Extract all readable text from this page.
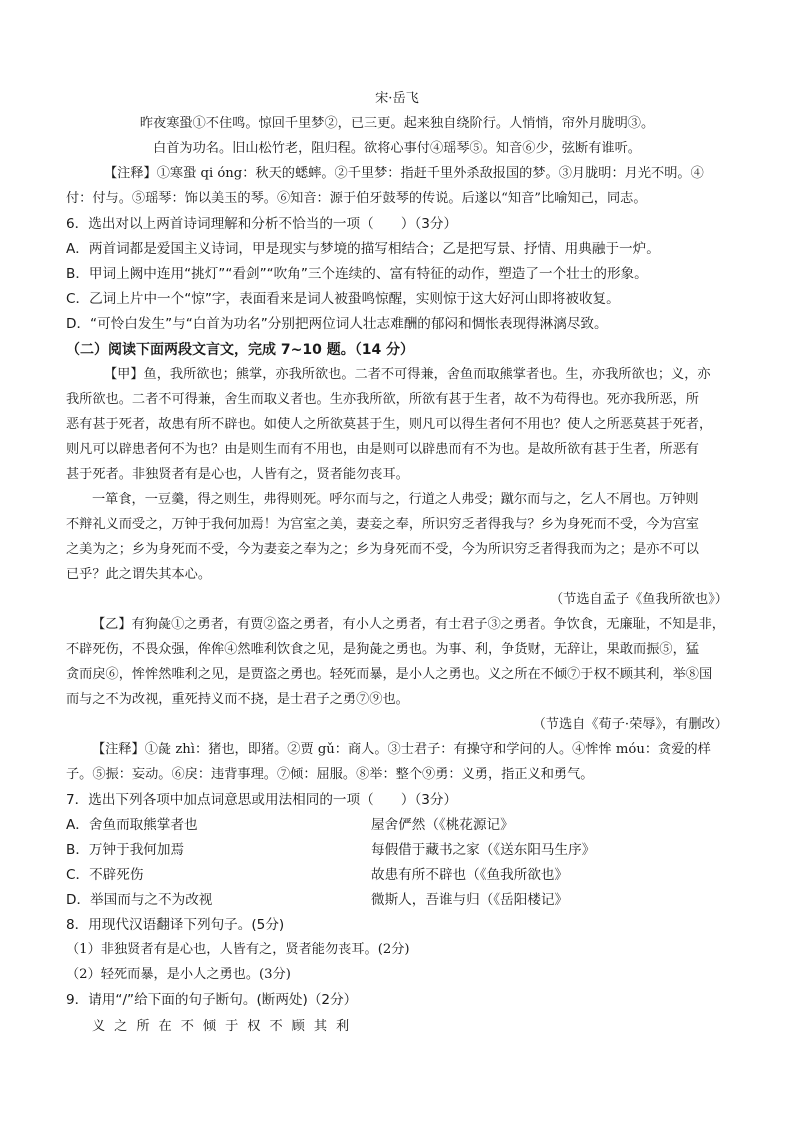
宋·岳飞
昨夜寒蛩①不住鸣。惊回千里梦②，已三更。起来独自绕阶行。人悄悄，帘外月胧明③。
白首为功名。旧山松竹老，阻归程。欲将心事付④瑶琴⑤。知音⑥少，弦断有谁听。
【注释】①寒蛩 qi óng：秋天的蟋蟀。②千里梦：指赶千里外杀敌报国的梦。③月胧明：月光不明。④
付：付与。⑤瑶琴：饰以美玉的琴。⑥知音：源于伯牙鼓琴的传说。后遂以“知音”比喻知己，同志。
6．选出对以上两首诗词理解和分析不恰当的一项（　　）（3分）
A．两首词都是爱国主义诗词，甲是现实与梦境的描写相结合；乙是把写景、抒情、用典融于一炉。
B．甲词上阙中连用“挑灯”“看剑”“吹角”三个连续的、富有特征的动作，塑造了一个壮士的形象。
C．乙词上片中一个“惊”字，表面看来是词人被蛩鸣惊醒，实则惊于这大好河山即将被收复。
D．“可怜白发生”与“白首为功名”分别把两位词人壮志难酬的郁闷和惆怅表现得淋漓尽致。
（二）阅读下面两段文言文，完成 7~10 题。（14 分）
【甲】鱼，我所欲也；熊掌，亦我所欲也。二者不可得兼，舍鱼而取熊掌者也。生，亦我所欲也；义，亦
我所欲也。二者不可得兼，舍生而取义者也。生亦我所欲，所欲有甚于生者，故不为苟得也。死亦我所恶，所
恶有甚于死者，故患有所不辟也。如使人之所欲莫甚于生，则凡可以得生者何不用也？使人之所恶莫甚于死者，
则凡可以辟患者何不为也？由是则生而有不用也，由是则可以辟患而有不为也。是故所欲有甚于生者，所恶有
甚于死者。非独贤者有是心也，人皆有之，贤者能勿丧耳。
一箪食，一豆羹，得之则生，弗得则死。呼尔而与之，行道之人弗受；蹴尔而与之，乞人不屑也。万钟则
不辩礼义而受之，万钟于我何加焉！为宫室之美，妻妾之奉，所识穷乏者得我与？乡为身死而不受，今为宫室
之美为之；乡为身死而不受，今为妻妾之奉为之；乡为身死而不受，今为所识穷乏者得我而为之；是亦不可以
已乎？此之谓失其本心。
（节选自孟子《鱼我所欲也》）
【乙】有狗彘①之勇者，有贾②盗之勇者，有小人之勇者，有士君子③之勇者。争饮食，无廉耻，不知是非，
不辟死伤，不畏众强，侔侔④然唯利饮食之见，是狗彘之勇也。为事、利，争货财，无辞让，果敢而振⑤，猛
贪而戾⑥，恈恈然唯利之见，是贾盗之勇也。轻死而暴，是小人之勇也。义之所在不倾⑦于权不顾其利，举⑧国
而与之不为改视，重死持义而不挠，是士君子之勇⑦⑨也。
（节选自《荀子·荣辱》，有删改）
【注释】①彘 zhì：猪也，即猪。②贾 gǔ：商人。③士君子：有操守和学问的人。④恈恈 móu：贪爱的样
子。⑤振：妄动。⑥戾：违背事理。⑦倾：屈服。⑧举：整个⑨勇：义勇，指正义和勇气。
7．选出下列各项中加点词意思或用法相同的一项（　　）（3分）
A．舍鱼而取熊掌者也	屋舍俨然（《桃花源记》
B．万钟于我何加焉	每假借于藏书之家（《送东阳马生序》
C．不辟死伤	故患有所不辟也（《鱼我所欲也》
D．举国而与之不为改视	微斯人，吾谁与归（《岳阳楼记》
8．用现代汉语翻译下列句子。(5分)
（1）非独贤者有是心也，人皆有之，贤者能勿丧耳。(2分)
（2）轻死而暴，是小人之勇也。(3分)
9．请用“/”给下面的句子断句。(断两处)（2分）
义之所在不倾于权不顾其利
